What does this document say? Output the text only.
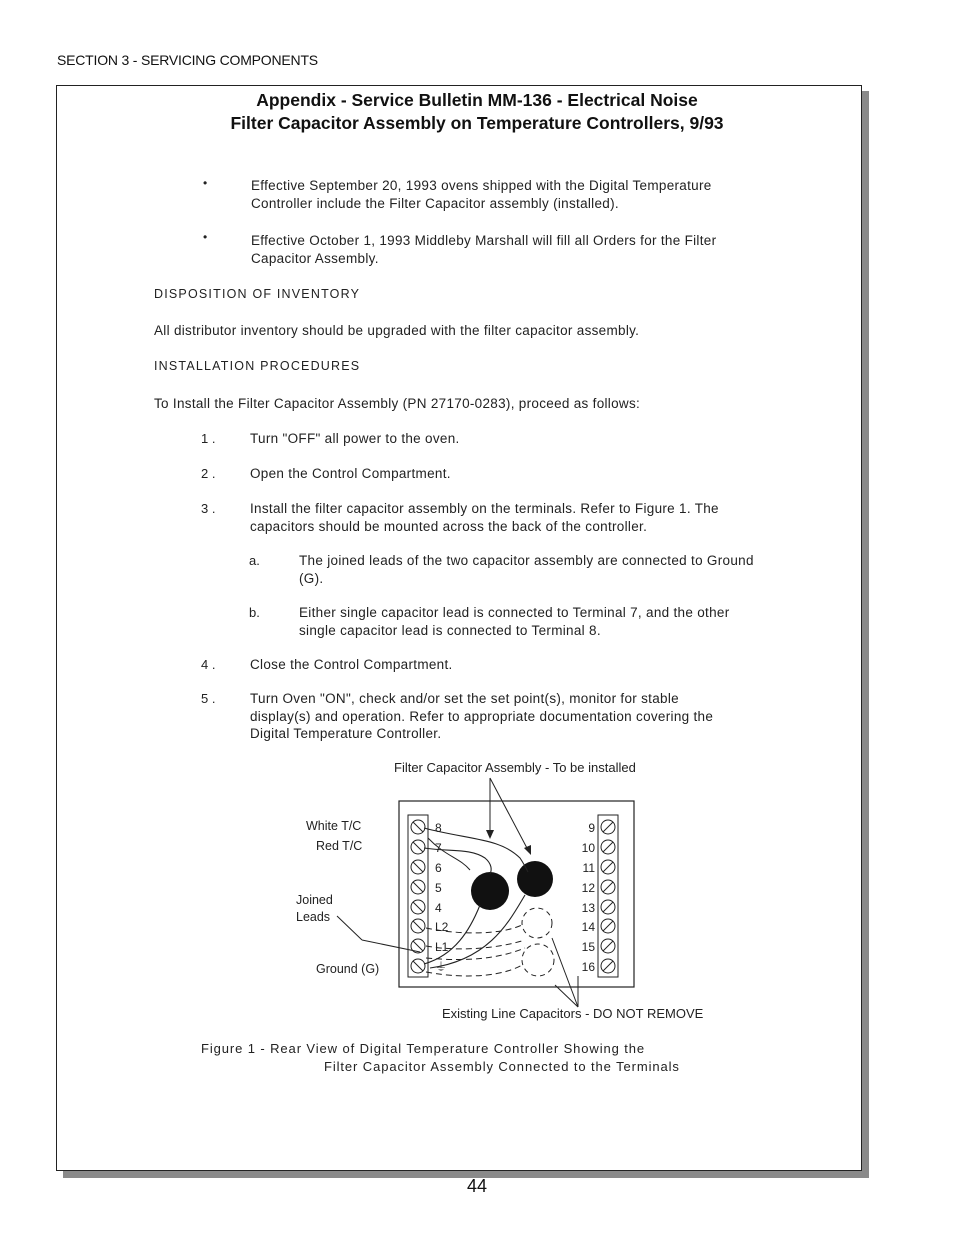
SECTION 3 - SERVICING COMPONENTS
Appendix - Service Bulletin MM-136 - Electrical Noise
Filter Capacitor Assembly on Temperature Controllers, 9/93
•	Effective September 20, 1993 ovens shipped with the Digital Temperature
Controller include the Filter Capacitor assembly (installed).
•	Effective October 1, 1993 Middleby Marshall will fill all Orders for the Filter
Capacitor Assembly.
DISPOSITION OF INVENTORY
All distributor inventory should be upgraded with the filter capacitor assembly.
INSTALLATION PROCEDURES
To Install the Filter Capacitor Assembly (PN 27170-0283), proceed as follows:
1 .	Turn "OFF" all power to the oven.
2 .	Open the Control Compartment.
3 .	Install the filter capacitor assembly on the terminals. Refer to Figure 1. The
capacitors should be mounted across the back of the controller.
a.	The joined leads of the two capacitor assembly are connected to Ground
(G).
b.	Either single capacitor lead is connected to Terminal 7, and the other
single capacitor lead is connected to Terminal 8.
4 .	Close the Control Compartment.
5 .	Turn Oven "ON", check and/or set the set point(s), monitor for stable
display(s) and operation. Refer to appropriate documentation covering the
Digital Temperature Controller.
Filter Capacitor Assembly - To be installed
White T/C
Red T/C
Joined
Leads
Ground (G)
8
7
6
5
4
L2
L1
⏚
9
10
11
12
13
14
15
16
Existing Line Capacitors - DO NOT REMOVE
Figure 1 - Rear View of Digital Temperature Controller Showing the
Filter Capacitor Assembly Connected to the Terminals
44
